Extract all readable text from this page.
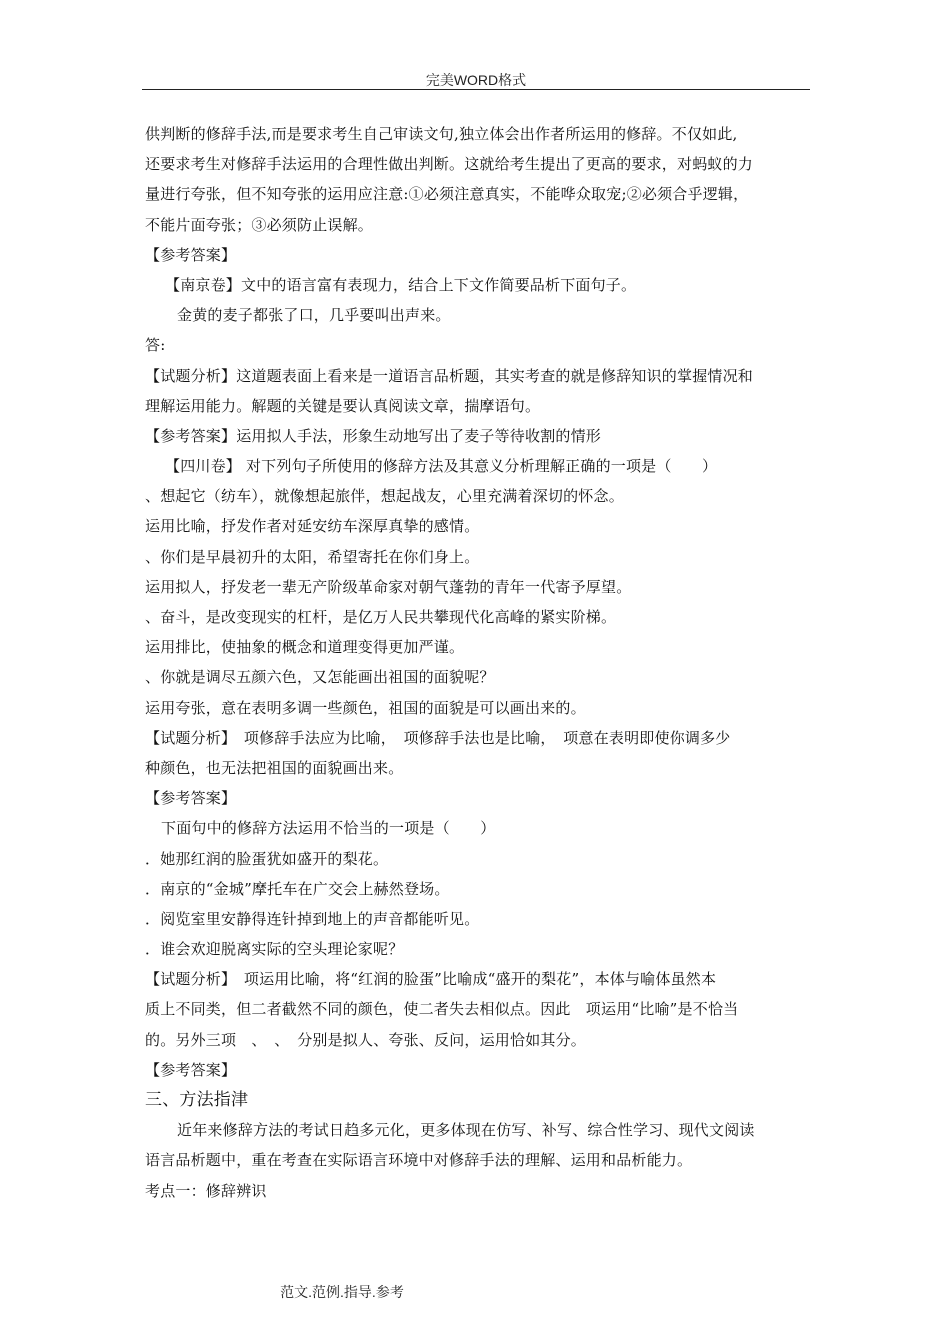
完美WORD格式
供判断的修辞手法,而是要求考生自己审读文句,独立体会出作者所运用的修辞。不仅如此,
还要求考生对修辞手法运用的合理性做出判断。这就给考生提出了更高的要求，对蚂蚁的力
量进行夸张，但不知夸张的运用应注意:①必须注意真实，不能哗众取宠;②必须合乎逻辑，
不能片面夸张；③必须防止误解。
【参考答案】
【南京卷】文中的语言富有表现力，结合上下文作简要品析下面句子。
金黄的麦子都张了口，几乎要叫出声来。
答:
【试题分析】这道题表面上看来是一道语言品析题，其实考查的就是修辞知识的掌握情况和
理解运用能力。解题的关键是要认真阅读文章，揣摩语句。
【参考答案】运用拟人手法，形象生动地写出了麦子等待收割的情形
【四川卷】 对下列句子所使用的修辞方法及其意义分析理解正确的一项是（　　）
、想起它（纺车），就像想起旅伴，想起战友，心里充满着深切的怀念。
运用比喻，抒发作者对延安纺车深厚真挚的感情。
、你们是早晨初升的太阳，希望寄托在你们身上。
运用拟人，抒发老一辈无产阶级革命家对朝气蓬勃的青年一代寄予厚望。
、奋斗，是改变现实的杠杆，是亿万人民共攀现代化高峰的紧实阶梯。
运用排比，使抽象的概念和道理变得更加严谨。
、你就是调尽五颜六色，又怎能画出祖国的面貌呢？
运用夸张，意在表明多调一些颜色，祖国的面貌是可以画出来的。
【试题分析】　项修辞手法应为比喻，　项修辞手法也是比喻，　项意在表明即使你调多少
种颜色，也无法把祖国的面貌画出来。
【参考答案】
下面句中的修辞方法运用不恰当的一项是（　　）
．她那红润的脸蛋犹如盛开的梨花。
．南京的“金城”摩托车在广交会上赫然登场。
．阅览室里安静得连针掉到地上的声音都能听见。
．谁会欢迎脱离实际的空头理论家呢？
【试题分析】　项运用比喻，将“红润的脸蛋”比喻成“盛开的梨花”，本体与喻体虽然本
质上不同类，但二者截然不同的颜色，使二者失去相似点。因此　项运用“比喻”是不恰当
的。另外三项　、　、　分别是拟人、夸张、反问，运用恰如其分。
【参考答案】
三、方法指津
近年来修辞方法的考试日趋多元化，更多体现在仿写、补写、综合性学习、现代文阅读
语言品析题中，重在考查在实际语言环境中对修辞手法的理解、运用和品析能力。
考点一：修辞辨识
范文.范例.指导.参考
